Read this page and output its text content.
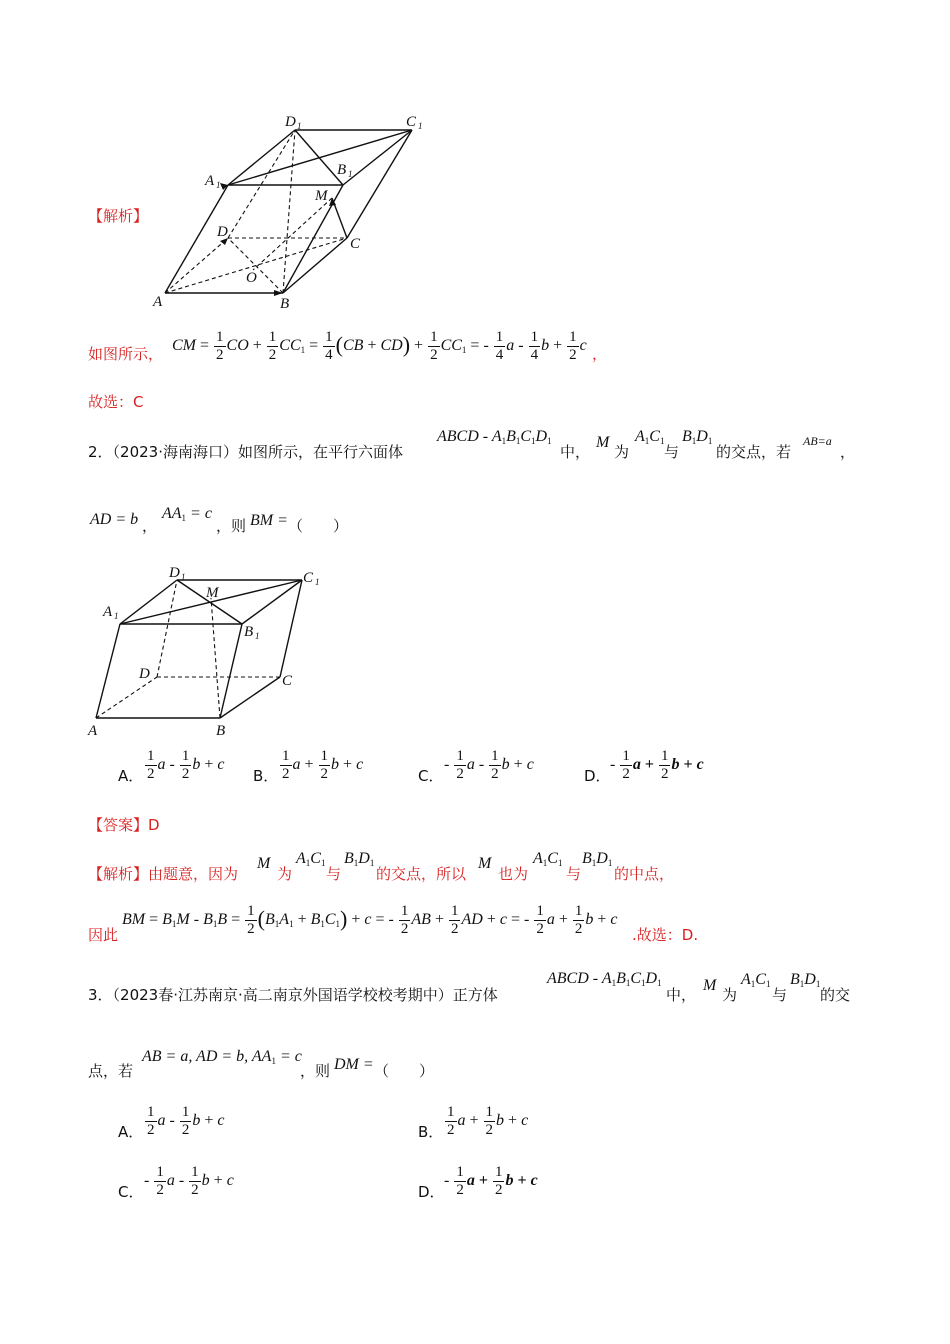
D 1	C 1
A 1
B 1
M
D
C
A
O
B
【解析】
如图所示， CM = $\frac{1}{2}$ CO + $\frac{1}{2} CC_1 = \frac{1}{4} (CB + CD) + \frac{1}{2} CC_1$ = - $\frac{1}{4}$ a - $\frac{1}{4}$ $b + \frac{1}{2}$ c ，
故选：C
2．（2023·海南海口）如图所示，在平行六面体
ABCD - $A_1B_1C_1D_1$
中，
M
为
$A_1C_1$
与
$B_1D_1$
的交点，若
AB=a
，
AD = b ，
$AA_1 = c$
，则 BM = （　　）
D 1
M
C 1
A 1
B 1
D	C
A	B
A． $\frac{1}{2}$ a - $\frac{1}{2}$ b + c
B． $\frac{1}{2}$ $a + \frac{1}{2}$ b + c
C．
- $\frac{1}{2}$ a - $\frac{1}{2}$ b + c
D．
- $\frac{1}{2}$ $a + \frac{1}{2}$ b + c
【答案】D
【解析】由题意，因为
M
为
$A_1C_1$
与
$B_1D_1$
的交点，所以
M
也为
$A_1C_1$
与
$B_1D_1$
的中点，
因此
BM = $B_1M - B_1B = \frac{1}{2} (B_1A_1 + B_1C_1) + c$ = - $\frac{1}{2}$ AB + $\frac{1}{2}$ AD + c = - $\frac{1}{2}$ $a + \frac{1}{2}$ b + c
.故选：D.
3．（2023春·江苏南京·高二南京外国语学校校考期中）正方体
ABCD - $A_1B_1C_1D_1$
中，
M
为
$A_1C_1$
与
$B_1D_1$
的交
点，若
AB = a, AD = b, $AA_1 = c$
，则 DM = （　　）
A． $\frac{1}{2}$ a - $\frac{1}{2}$ b + c
B． $\frac{1}{2}$ $a + \frac{1}{2}$ b + c
C．
- $\frac{1}{2}$ a - $\frac{1}{2}$ b + c
D．
- $\frac{1}{2}$ $a + \frac{1}{2}$ b + c
